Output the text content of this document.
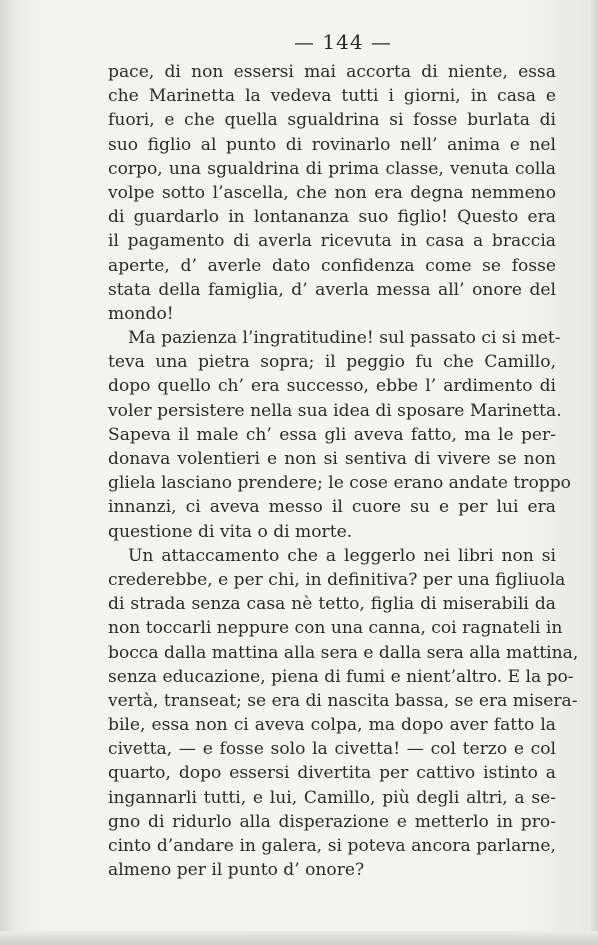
— 144 —
pace, di non essersi mai accorta di niente, essa
che Marinetta la vedeva tutti i giorni, in casa e
fuori, e che quella sgualdrina si fosse burlata di
suo figlio al punto di rovinarlo nell’ anima e nel
corpo, una sgualdrina di prima classe, venuta colla
volpe sotto l’ascella, che non era degna nemmeno
di guardarlo in lontananza suo figlio! Questo era
il pagamento di averla ricevuta in casa a braccia
aperte, d’ averle dato confidenza come se fosse
stata della famiglia, d’ averla messa all’ onore del
mondo!
Ma pazienza l’ingratitudine! sul passato ci si met-
teva una pietra sopra; il peggio fu che Camillo,
dopo quello ch’ era successo, ebbe l’ ardimento di
voler persistere nella sua idea di sposare Marinetta.
Sapeva il male ch’ essa gli aveva fatto, ma le per-
donava volentieri e non si sentiva di vivere se non
gliela lasciano prendere; le cose erano andate troppo
innanzi, ci aveva messo il cuore su e per lui era
questione di vita o di morte.
Un attaccamento che a leggerlo nei libri non si
crederebbe, e per chi, in definitiva? per una figliuola
di strada senza casa nè tetto, figlia di miserabili da
non toccarli neppure con una canna, coi ragnateli in
bocca dalla mattina alla sera e dalla sera alla mattina,
senza educazione, piena di fumi e nient’altro. E la po-
vertà, transeat; se era di nascita bassa, se era misera-
bile, essa non ci aveva colpa, ma dopo aver fatto la
civetta, — e fosse solo la civetta! — col terzo e col
quarto, dopo essersi divertita per cattivo istinto a
ingannarli tutti, e lui, Camillo, più degli altri, a se-
gno di ridurlo alla disperazione e metterlo in pro-
cinto d’andare in galera, si poteva ancora parlarne,
almeno per il punto d’ onore?
